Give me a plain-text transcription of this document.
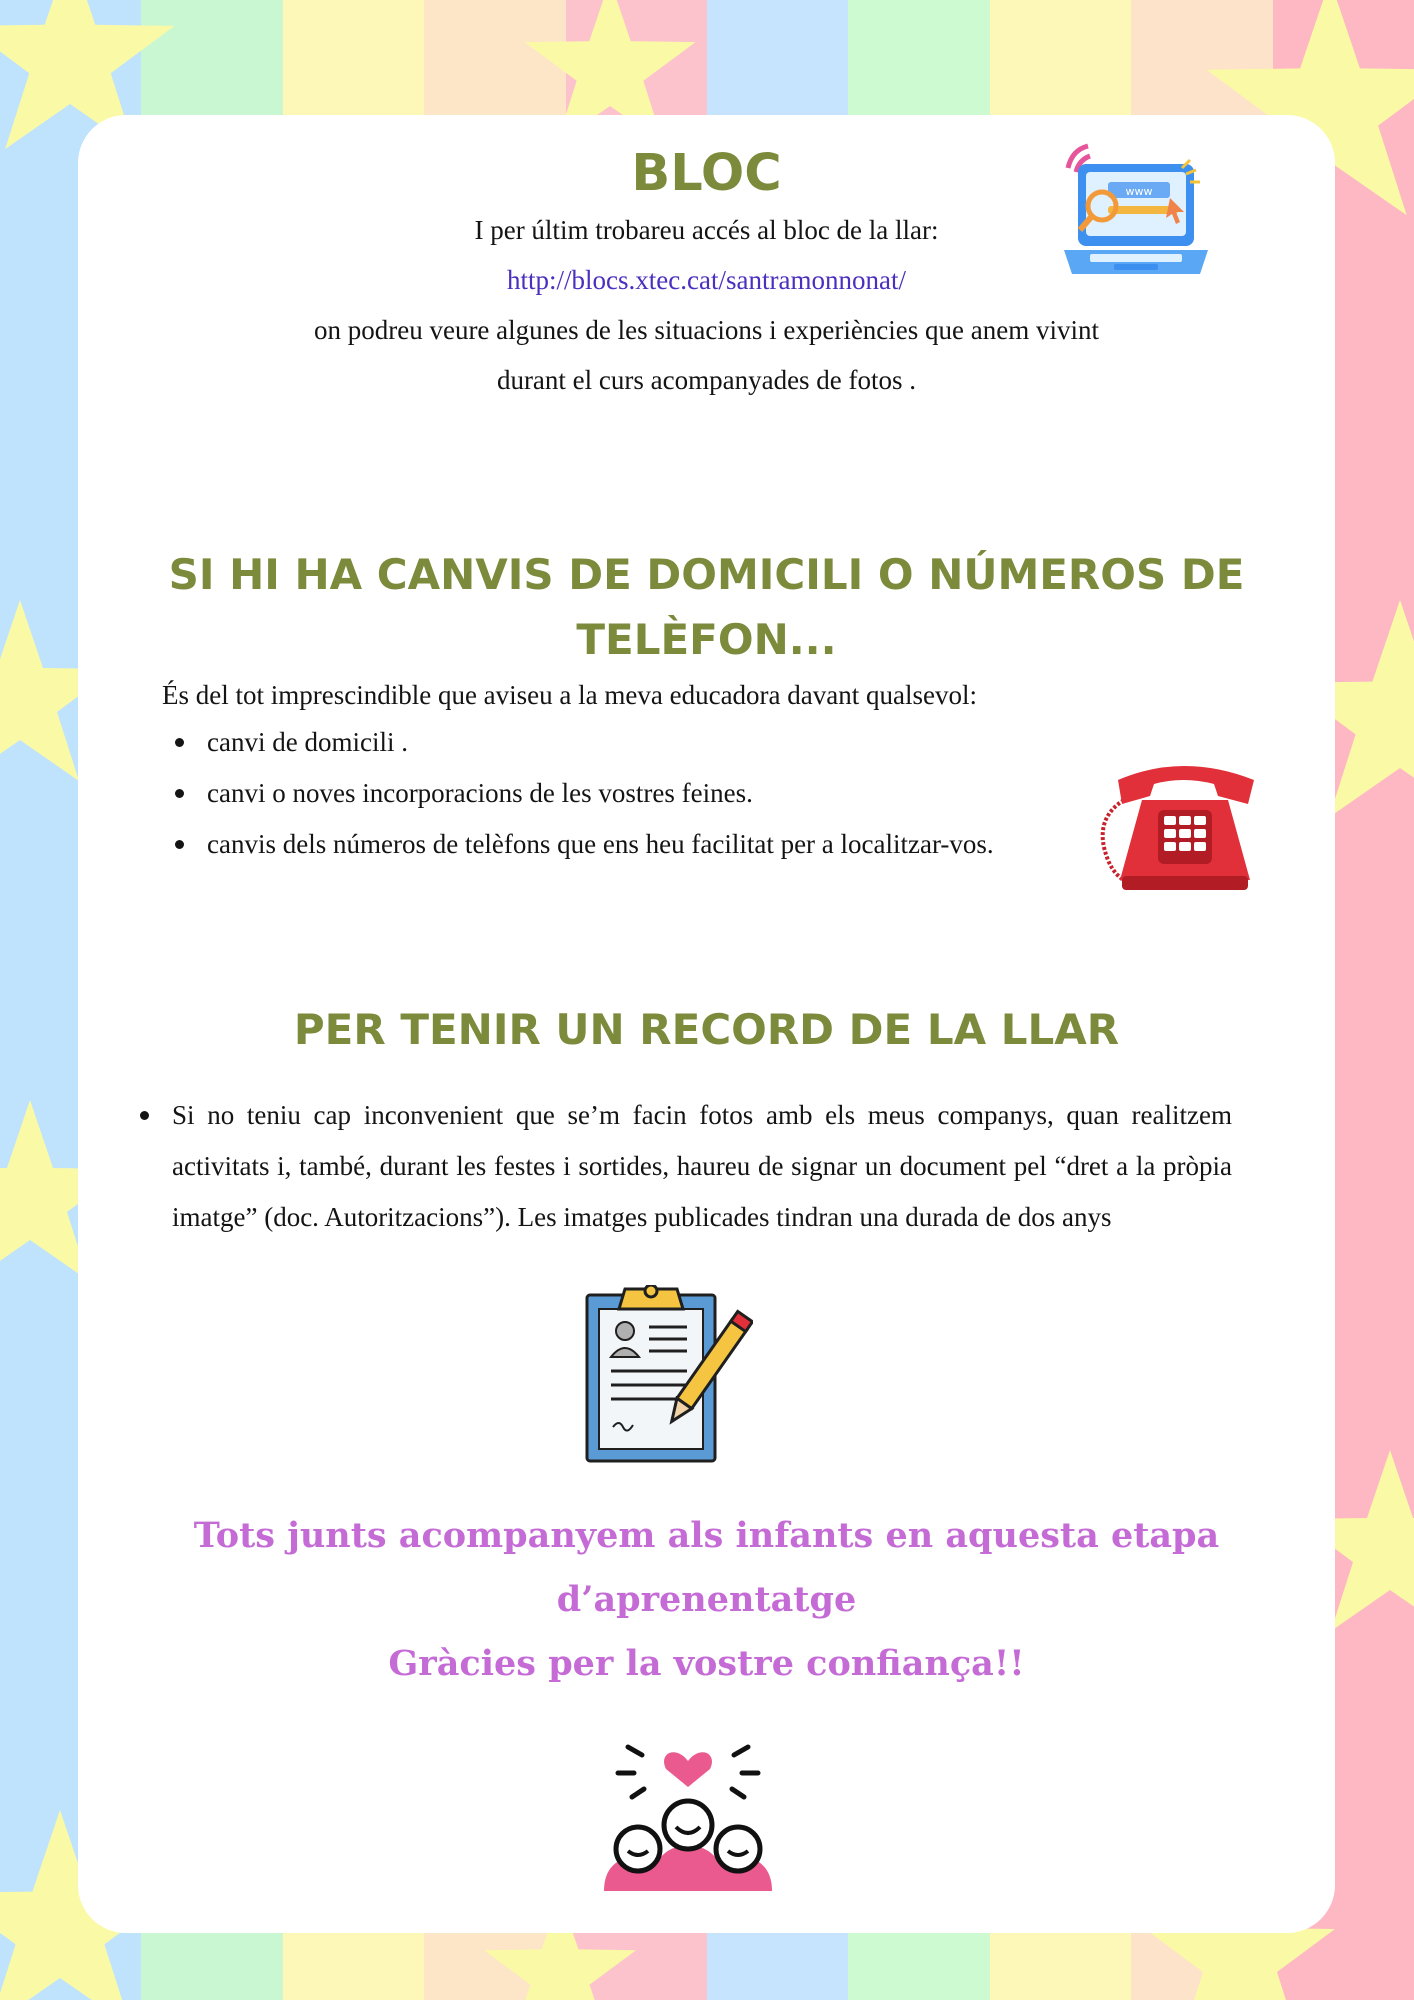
BLOC

I per últim trobareu accés al bloc de la llar:

http://blocs.xtec.cat/santramonnonat/

on podreu veure algunes de les situacions i experiències que anem vivint

durant el curs acompanyades de fotos .

www
SI HI HA CANVIS DE DOMICILI O NÚMEROS DE
TELÈFON...

És del tot imprescindible que aviseu a la meva educadora davant qualsevol:

canvi de domicili .
canvi o noves incorporacions de les vostres feines.
canvis dels números de telèfons que ens heu facilitat per a localitzar-vos.
PER TENIR UN RECORD DE LA LLAR

Si no teniu cap inconvenient que se’m facin fotos amb els meus companys, quan realitzem activitats i, també, durant les festes i sortides, haureu de signar un document pel “dret a la pròpia imatge” (doc. Autoritzacions”). Les imatges publicades tindran una durada de dos anys

Tots junts acompanyem als infants en aquesta etapa

d’aprenentatge

Gràcies per la vostre confiança!!
